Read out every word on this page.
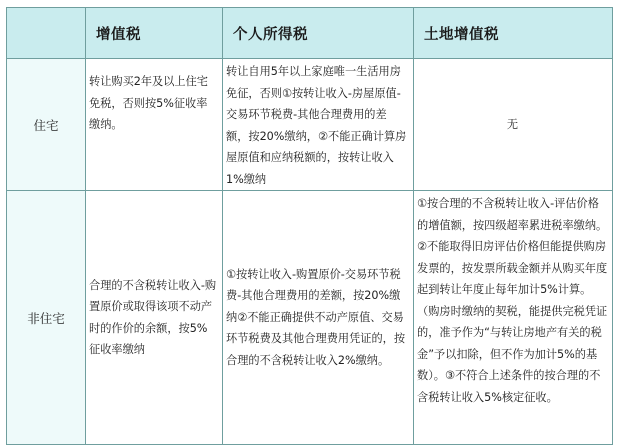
	增值税	个人所得税	土地增值税
住宅	转让购买2年及以上住宅免税，否则按5%征收率缴纳。	转让自用5年以上家庭唯一生活用房免征，否则①按转让收入-房屋原值-交易环节税费-其他合理费用的差额，按20%缴纳，②不能正确计算房屋原值和应纳税额的，按转让收入1%缴纳	无

非住宅	合理的不含税转让收入-购置原价或取得该项不动产时的作价的余额，按5%征收率缴纳	①按转让收入-购置原价-交易环节税费-其他合理费用的差额，按20%缴纳②不能正确提供不动产原值、交易环节税费及其他合理费用凭证的，按合理的不含税转让收入2%缴纳。	①按合理的不含税转让收入-评估价格的增值额，按四级超率累进税率缴纳。②不能取得旧房评估价格但能提供购房发票的，按发票所载金额并从购买年度起到转让年度止每年加计5%计算。（购房时缴纳的契税，能提供完税凭证的，准予作为“与转让房地产有关的税金”予以扣除，但不作为加计5%的基数）。③不符合上述条件的按合理的不含税转让收入5%核定征收。
